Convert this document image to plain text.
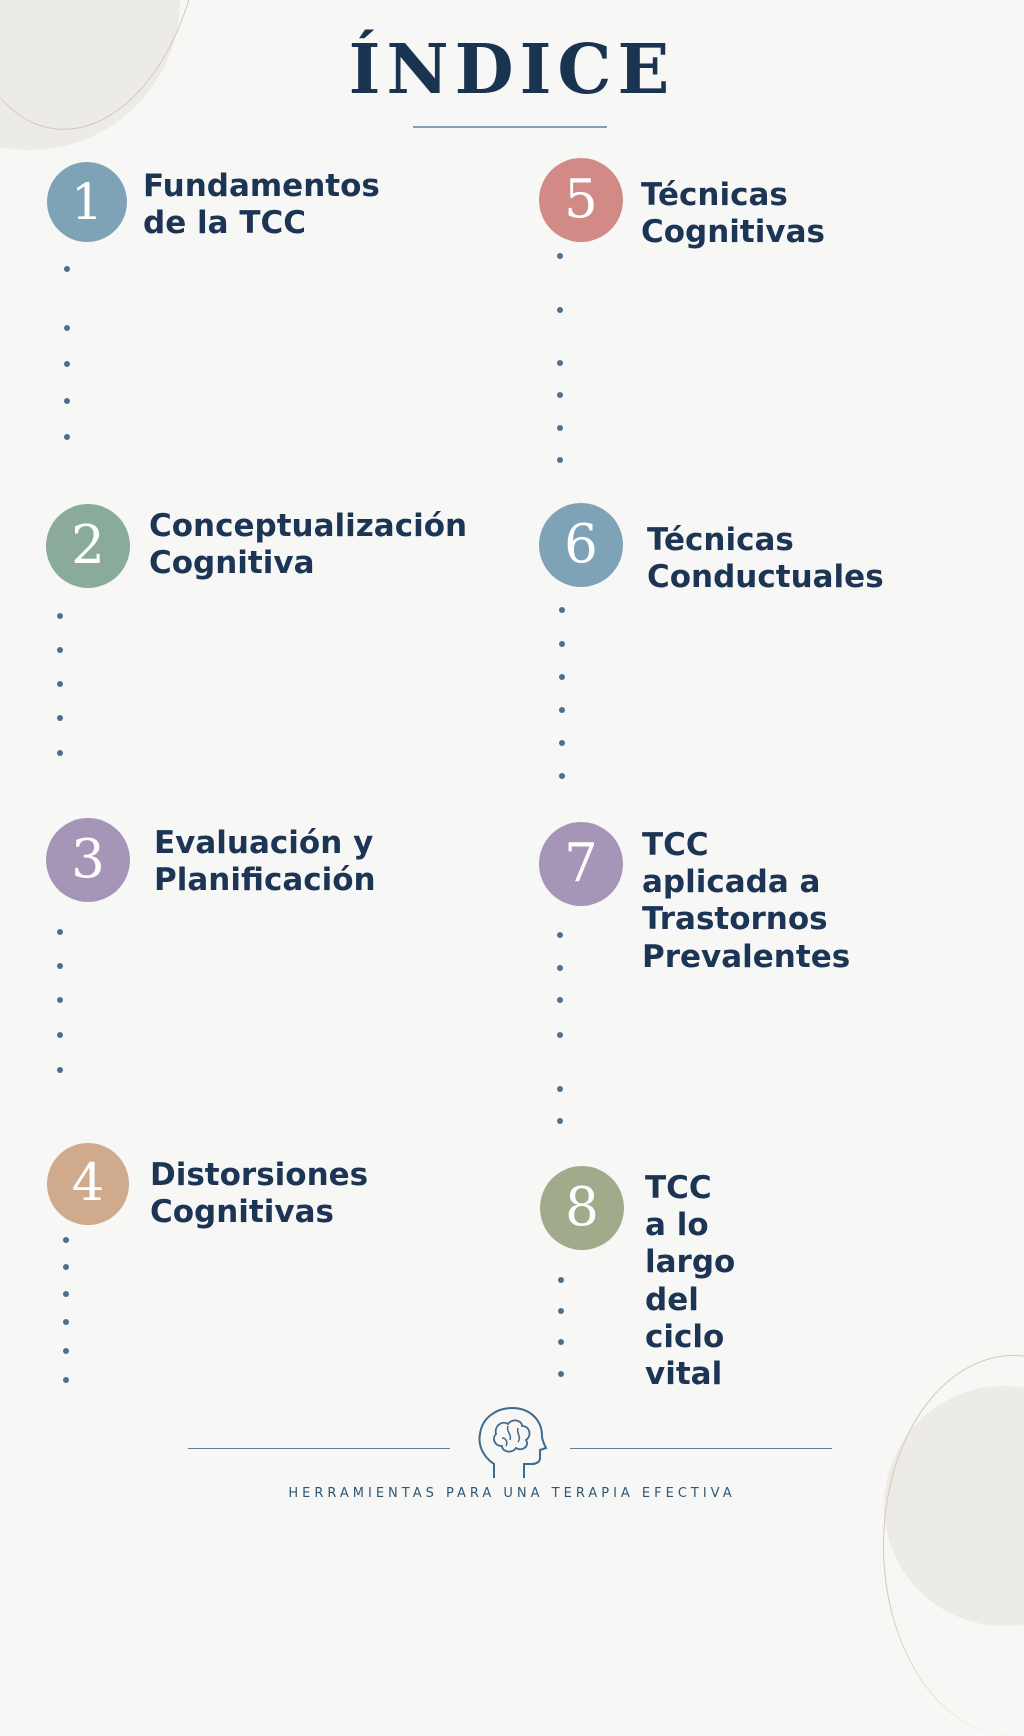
ÍNDICE
1	Fundamentos
de la TCC
2	Conceptualización
Cognitiva
3	Evaluación y
Planificación
4	Distorsiones Cognitivas
5	Técnicas Cognitivas
6	Técnicas Conductuales
7	TCC aplicada a Trastornos
Prevalentes
8	TCC a lo largo del
ciclo vital
HERRAMIENTAS PARA UNA TERAPIA EFECTIVA
